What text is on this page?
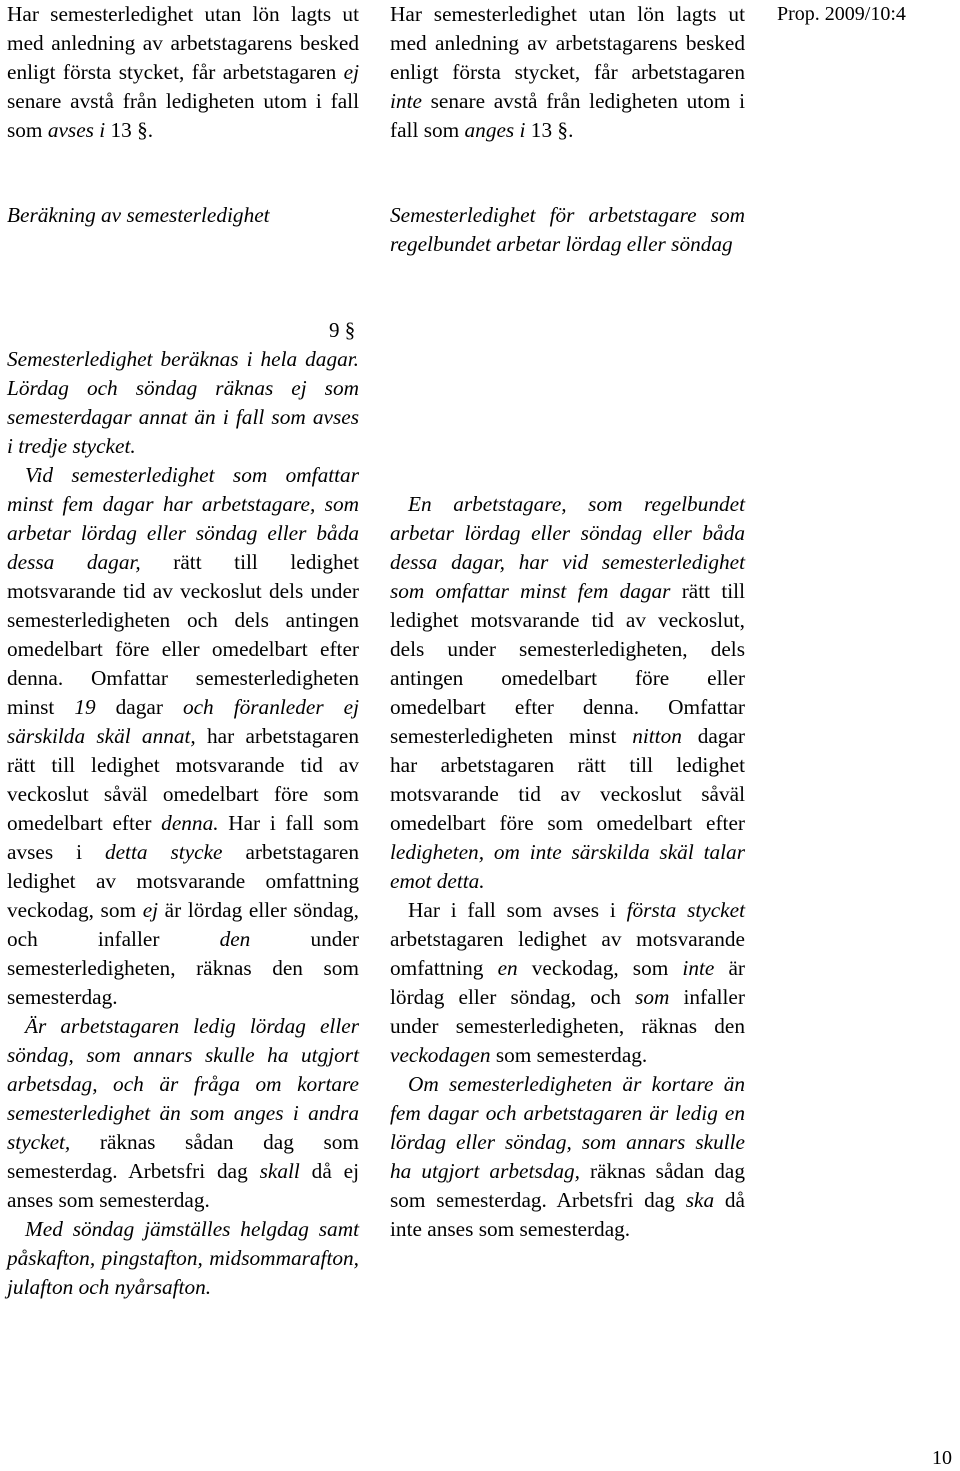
Prop. 2009/10:4

Har semesterledighet utan lön lagts ut med anledning av arbetstagarens besked enligt första stycket, får arbetstagaren ej senare avstå från ledigheten utom i fall som avses i 13 §.

Har semesterledighet utan lön lagts ut med anledning av arbetstagarens besked enligt första stycket, får arbetstagaren inte senare avstå från ledigheten utom i fall som anges i 13 §.

Beräkning av semesterledighet	Semesterledighet för arbetstagare som regelbundet arbetar lördag eller söndag
9 §

Semesterledighet beräknas i hela dagar. Lördag och söndag räknas ej som semesterdagar annat än i fall som avses i tredje stycket.

Vid semesterledighet som omfattar minst fem dagar har arbetstagare, som arbetar lördag eller söndag eller båda dessa dagar, rätt till ledighet motsvarande tid av veckoslut dels under semesterledigheten och dels antingen omedelbart före eller omedelbart efter denna. Omfattar semesterledigheten minst 19 dagar och föranleder ej särskilda skäl annat, har arbetstagaren rätt till ledighet motsvarande tid av veckoslut såväl omedelbart före som omedelbart efter denna. Har i fall som avses i detta stycke arbetstagaren ledighet av motsvarande omfattning veckodag, som ej är lördag eller söndag, och infaller den under semesterledigheten, räknas den som semesterdag.

Är arbetstagaren ledig lördag eller söndag, som annars skulle ha utgjort arbetsdag, och är fråga om kortare semesterledighet än som anges i andra stycket, räknas sådan dag som semesterdag. Arbetsfri dag skall då ej anses som semesterdag.

Med söndag jämställes helgdag samt påskafton, pingstafton, midsommarafton, julafton och nyårsafton.

En arbetstagare, som regelbundet arbetar lördag eller söndag eller båda dessa dagar, har vid semesterledighet som omfattar minst fem dagar rätt till ledighet motsvarande tid av veckoslut, dels under semesterledigheten, dels antingen omedelbart före eller omedelbart efter denna. Omfattar semesterledigheten minst nitton dagar har arbetstagaren rätt till ledighet motsvarande tid av veckoslut såväl omedelbart före som omedelbart efter ledigheten, om inte särskilda skäl talar emot detta.

Har i fall som avses i första stycket arbetstagaren ledighet av motsvarande omfattning en veckodag, som inte är lördag eller söndag, och som infaller under semesterledigheten, räknas den veckodagen som semesterdag.

Om semesterledigheten är kortare än fem dagar och arbetstagaren är ledig en lördag eller söndag, som annars skulle ha utgjort arbetsdag, räknas sådan dag som semesterdag. Arbetsfri dag ska då inte anses som semesterdag.

10
